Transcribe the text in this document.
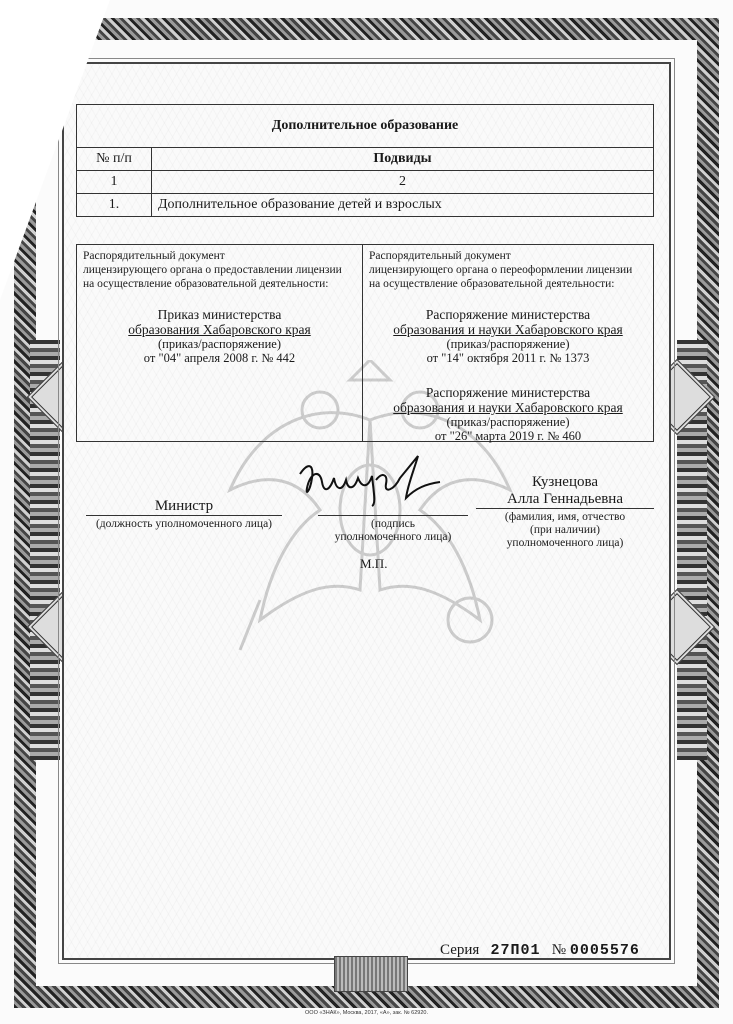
Дополнительное образование	
№ п/п	Подвиды
1	2
1.	Дополнительное образование детей и взрослых
Распорядительный документ
лицензирующего органа о предоставлении лицензии
на осуществление образовательной деятельности:
Приказ министерства
образования Хабаровского края
(приказ/распоряжение)
от "04" апреля 2008 г. № 442
Распорядительный документ
лицензирующего органа о переоформлении лицензии
на осуществление образовательной деятельности:
Распоряжение министерства
образования и науки Хабаровского края
(приказ/распоряжение)
от "14" октября 2011 г. № 1373
Распоряжение министерства
образования и науки Хабаровского края
(приказ/распоряжение)
от "26" марта 2019 г. № 460
Министр
(должность уполномоченного лица)	(подпись
уполномоченного лица)
Кузнецова
Алла Геннадьевна
(фамилия, имя, отчество
(при наличии)
уполномоченного лица)
М.П.
Серия 27П01 № 0005576
ООО «ЗНАК», Москва, 2017, «А», зак. № 62920.
